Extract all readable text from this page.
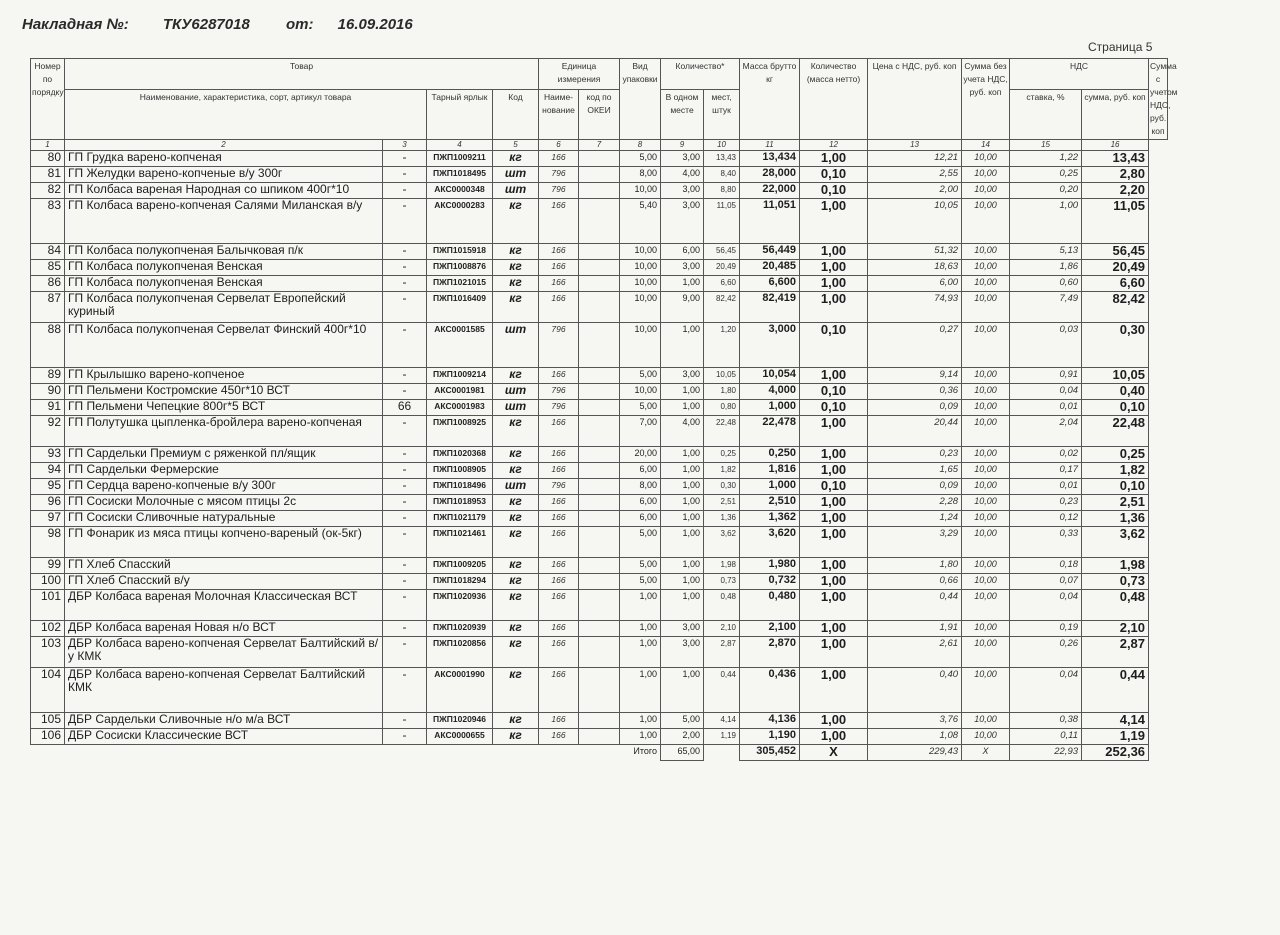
Накладная №: ТКУ6287018 от: 16.09.2016
Страница 5
Номер по порядку	Товар				Единица измерения		Вид упаковки	Количество*		Масса брутто кг	Количество (масса нетто)	Цена с НДС, руб. коп	Сумма без учета НДС, руб. коп	НДС		Сумма с учетом НДС, руб. коп
	Наименование, характеристика, сорт, артикул товара		Тарный ярлык	Код	Наиме-нование	код по ОКЕИ		В одном месте	мест, штук					ставка, %	сумма, руб. коп	
1	2	3	4	5	6	7	8	9	10	11	12	13	14	15	16	
80	ГП Грудка варено-копченая	-	ПЖП1009211	кг	166		5,00	3,00	13,43	13,434	1,00	12,21	10,00	1,22	13,43	
81	ГП Желудки варено-копченые в/у 300г	-	ПЖП1018495	шт	796		8,00	4,00	8,40	28,000	0,10	2,55	10,00	0,25	2,80	
82	ГП Колбаса вареная Народная со шпиком 400г*10	-	АКС0000348	шт	796		10,00	3,00	8,80	22,000	0,10	2,00	10,00	0,20	2,20	
83	ГП Колбаса варено-копченая Салями Миланская в/у	-	АКС0000283	кг	166		5,40	3,00	11,05	11,051	1,00	10,05	10,00	1,00	11,05	
84	ГП Колбаса полукопченая Балычковая п/к	-	ПЖП1015918	кг	166		10,00	6,00	56,45	56,449	1,00	51,32	10,00	5,13	56,45	
85	ГП Колбаса полукопченая Венская	-	ПЖП1008876	кг	166		10,00	3,00	20,49	20,485	1,00	18,63	10,00	1,86	20,49	
86	ГП Колбаса полукопченая Венская	-	ПЖП1021015	кг	166		10,00	1,00	6,60	6,600	1,00	6,00	10,00	0,60	6,60	
87	ГП Колбаса полукопченая Сервелат Европейский куриный	-	ПЖП1016409	кг	166		10,00	9,00	82,42	82,419	1,00	74,93	10,00	7,49	82,42	
88	ГП Колбаса полукопченая Сервелат Финский 400г*10	-	АКС0001585	шт	796		10,00	1,00	1,20	3,000	0,10	0,27	10,00	0,03	0,30	
89	ГП Крылышко варено-копченое	-	ПЖП1009214	кг	166		5,00	3,00	10,05	10,054	1,00	9,14	10,00	0,91	10,05	
90	ГП Пельмени Костромские 450г*10 ВСТ	-	АКС0001981	шт	796		10,00	1,00	1,80	4,000	0,10	0,36	10,00	0,04	0,40	
91	ГП Пельмени Чепецкие 800г*5 ВСТ	66	АКС0001983	шт	796		5,00	1,00	0,80	1,000	0,10	0,09	10,00	0,01	0,10	
92	ГП Полутушка цыпленка-бройлера варено-копченая	-	ПЖП1008925	кг	166		7,00	4,00	22,48	22,478	1,00	20,44	10,00	2,04	22,48	
93	ГП Сардельки Премиум с ряженкой пл/ящик	-	ПЖП1020368	кг	166		20,00	1,00	0,25	0,250	1,00	0,23	10,00	0,02	0,25	
94	ГП Сардельки Фермерские	-	ПЖП1008905	кг	166		6,00	1,00	1,82	1,816	1,00	1,65	10,00	0,17	1,82	
95	ГП Сердца варено-копченые в/у 300г	-	ПЖП1018496	шт	796		8,00	1,00	0,30	1,000	0,10	0,09	10,00	0,01	0,10	
96	ГП Сосиски Молочные с мясом птицы 2с	-	ПЖП1018953	кг	166		6,00	1,00	2,51	2,510	1,00	2,28	10,00	0,23	2,51	
97	ГП Сосиски Сливочные натуральные	-	ПЖП1021179	кг	166		6,00	1,00	1,36	1,362	1,00	1,24	10,00	0,12	1,36	
98	ГП Фонарик из мяса птицы копчено-вареный (ок-5кг)	-	ПЖП1021461	кг	166		5,00	1,00	3,62	3,620	1,00	3,29	10,00	0,33	3,62	
99	ГП Хлеб Спасский	-	ПЖП1009205	кг	166		5,00	1,00	1,98	1,980	1,00	1,80	10,00	0,18	1,98	
100	ГП Хлеб Спасский в/у	-	ПЖП1018294	кг	166		5,00	1,00	0,73	0,732	1,00	0,66	10,00	0,07	0,73	
101	ДБР Колбаса вареная Молочная Классическая ВСТ	-	ПЖП1020936	кг	166		1,00	1,00	0,48	0,480	1,00	0,44	10,00	0,04	0,48	
102	ДБР Колбаса вареная Новая н/о ВСТ	-	ПЖП1020939	кг	166		1,00	3,00	2,10	2,100	1,00	1,91	10,00	0,19	2,10	
103	ДБР Колбаса варено-копченая Сервелат Балтийский в/у КМК	-	ПЖП1020856	кг	166		1,00	3,00	2,87	2,870	1,00	2,61	10,00	0,26	2,87	
104	ДБР Колбаса варено-копченая Сервелат Балтийский КМК	-	АКС0001990	кг	166		1,00	1,00	0,44	0,436	1,00	0,40	10,00	0,04	0,44	
105	ДБР Сардельки Сливочные н/о м/а ВСТ	-	ПЖП1020946	кг	166		1,00	5,00	4,14	4,136	1,00	3,76	10,00	0,38	4,14	
106	ДБР Сосиски Классические ВСТ	-	АКС0000655	кг	166		1,00	2,00	1,19	1,190	1,00	1,08	10,00	0,11	1,19	
							Итого	65,00		305,452	X	229,43	X	22,93	252,36	
